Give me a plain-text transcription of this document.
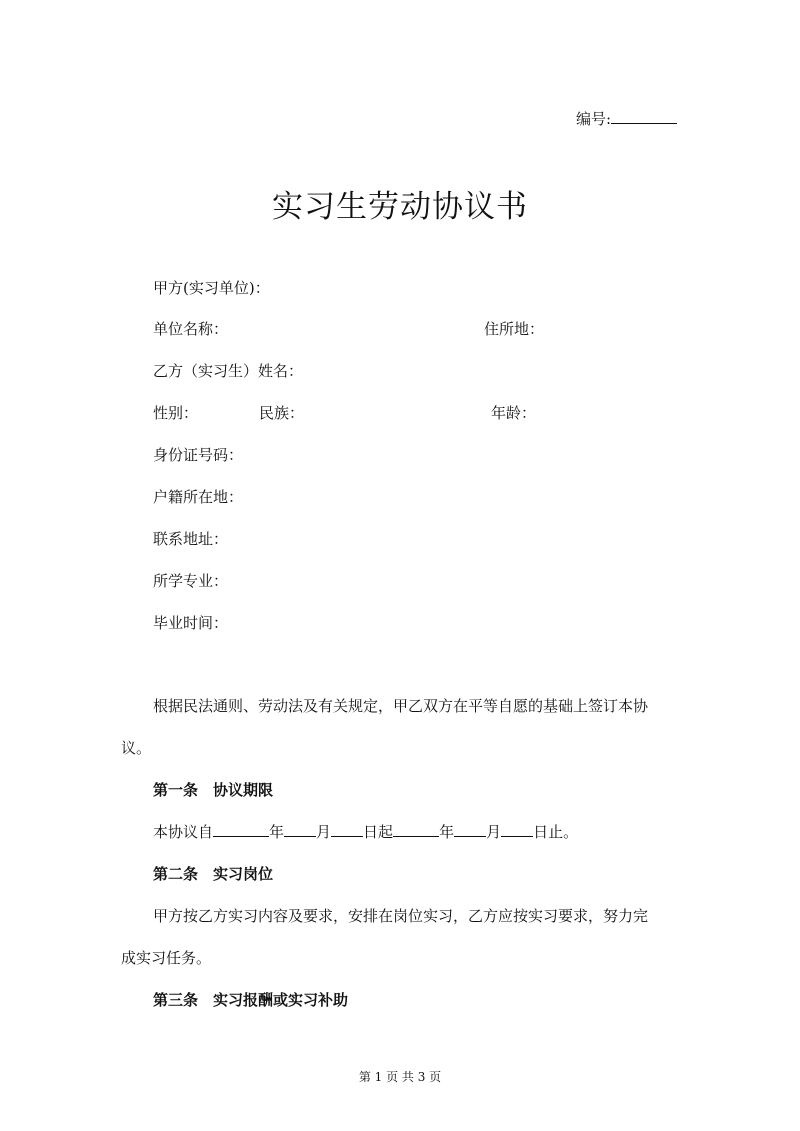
编号:
实习生劳动协议书
甲方(实习单位)：
单位名称：	住所地：
乙方（实习生）姓名：
性别：	民族：	年龄：
身份证号码：
户籍所在地：
联系地址：
所学专业：
毕业时间：
根据民法通则、劳动法及有关规定，甲乙双方在平等自愿的基础上签订本协
议。
第一条　协议期限
本协议自	年 月 日起	年 月 日止。
第二条　实习岗位
甲方按乙方实习内容及要求，安排在岗位实习，乙方应按实习要求，努力完
成实习任务。
第三条　实习报酬或实习补助
第 1 页 共 3 页
